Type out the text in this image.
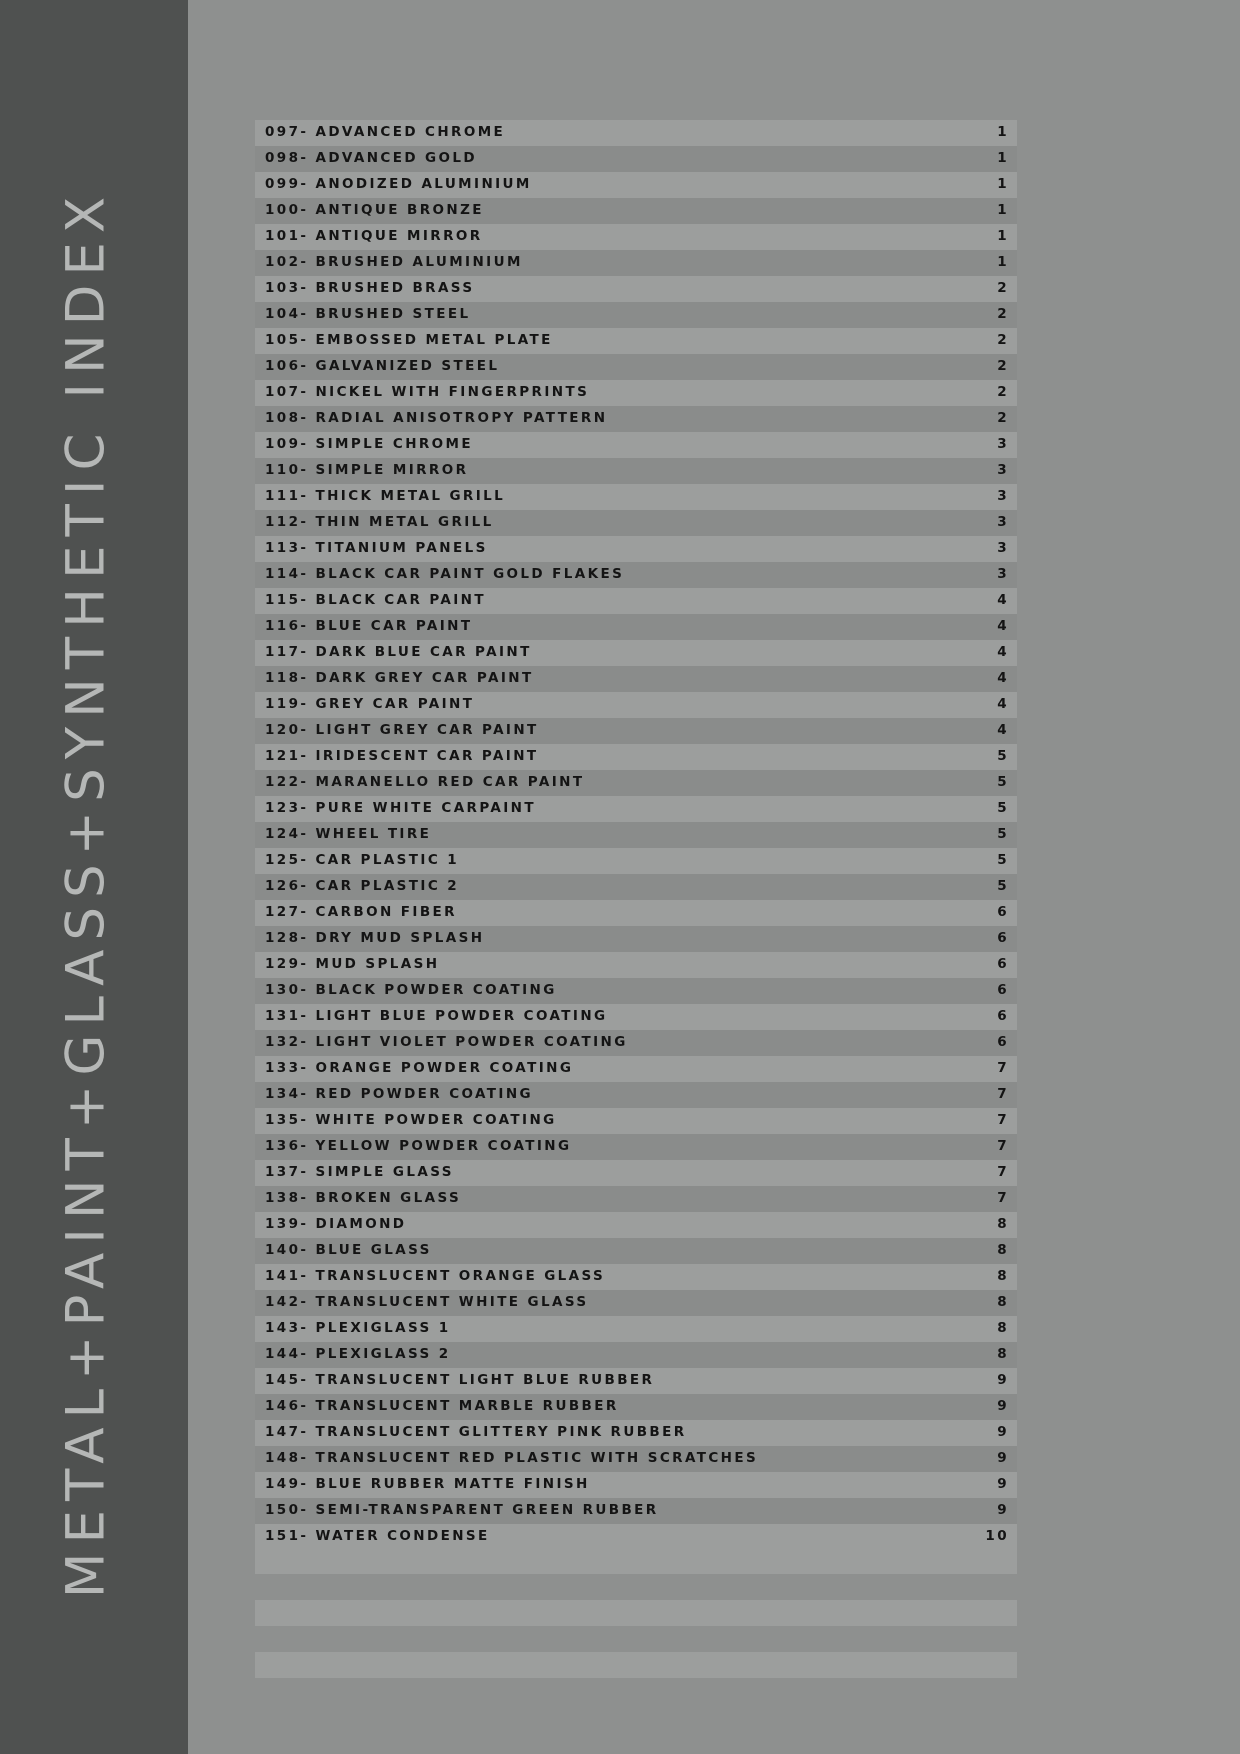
METAL+PAINT+GLASS+SYNTHETIC INDEX
097- ADVANCED CHROME	1
098- ADVANCED GOLD	1
099- ANODIZED ALUMINIUM	1
100- ANTIQUE BRONZE	1
101- ANTIQUE MIRROR	1
102- BRUSHED ALUMINIUM	1
103- BRUSHED BRASS	2
104- BRUSHED STEEL	2
105- EMBOSSED METAL PLATE	2
106- GALVANIZED STEEL	2
107- NICKEL WITH FINGERPRINTS	2
108- RADIAL ANISOTROPY PATTERN	2
109- SIMPLE CHROME	3
110- SIMPLE MIRROR	3
111- THICK METAL GRILL	3
112- THIN METAL GRILL	3
113- TITANIUM PANELS	3
114- BLACK CAR PAINT GOLD FLAKES	3
115- BLACK CAR PAINT	4
116- BLUE CAR PAINT	4
117- DARK BLUE CAR PAINT	4
118- DARK GREY CAR PAINT	4
119- GREY CAR PAINT	4
120- LIGHT GREY CAR PAINT	4
121- IRIDESCENT CAR PAINT	5
122- MARANELLO RED CAR PAINT	5
123- PURE WHITE CARPAINT	5
124- WHEEL TIRE	5
125- CAR PLASTIC 1	5
126- CAR PLASTIC 2	5
127- CARBON FIBER	6
128- DRY MUD SPLASH	6
129- MUD SPLASH	6
130- BLACK POWDER COATING	6
131- LIGHT BLUE POWDER COATING	6
132- LIGHT VIOLET POWDER COATING	6
133- ORANGE POWDER COATING	7
134- RED POWDER COATING	7
135- WHITE POWDER COATING	7
136- YELLOW POWDER COATING	7
137- SIMPLE GLASS	7
138- BROKEN GLASS	7
139- DIAMOND	8
140- BLUE GLASS	8
141- TRANSLUCENT ORANGE GLASS	8
142- TRANSLUCENT WHITE GLASS	8
143- PLEXIGLASS 1	8
144- PLEXIGLASS 2	8
145- TRANSLUCENT LIGHT BLUE RUBBER	9
146- TRANSLUCENT MARBLE RUBBER	9
147- TRANSLUCENT GLITTERY PINK RUBBER	9
148- TRANSLUCENT RED PLASTIC WITH SCRATCHES	9
149- BLUE RUBBER MATTE FINISH	9
150- SEMI-TRANSPARENT GREEN RUBBER	9
151- WATER CONDENSE	10
